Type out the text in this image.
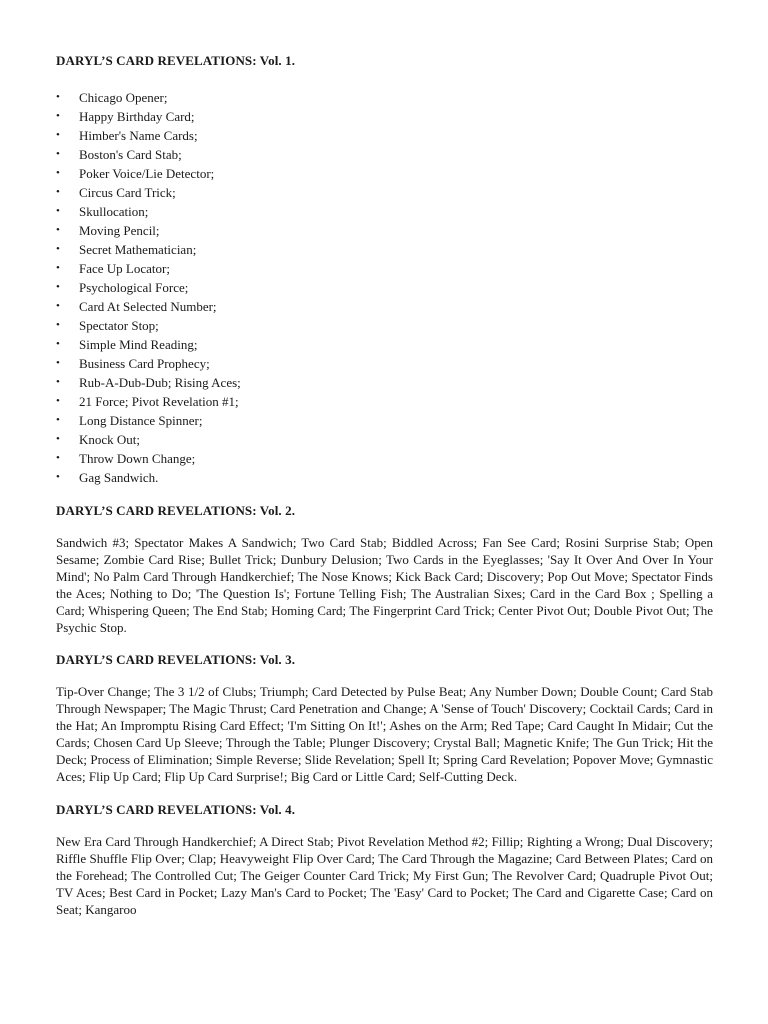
DARYL’S CARD REVELATIONS: Vol. 1.
• Chicago Opener;
• Happy Birthday Card;
• Himber's Name Cards;
• Boston's Card Stab;
• Poker Voice/Lie Detector;
• Circus Card Trick;
• Skullocation;
• Moving Pencil;
• Secret Mathematician;
• Face Up Locator;
• Psychological Force;
• Card At Selected Number;
• Spectator Stop;
• Simple Mind Reading;
• Business Card Prophecy;
• Rub-A-Dub-Dub; Rising Aces;
• 21 Force; Pivot Revelation #1;
• Long Distance Spinner;
• Knock Out;
• Throw Down Change;
• Gag Sandwich.
DARYL’S CARD REVELATIONS: Vol. 2.

Sandwich #3; Spectator Makes A Sandwich; Two Card Stab; Biddled Across; Fan See Card; Rosini Surprise Stab; Open Sesame; Zombie Card Rise; Bullet Trick; Dunbury Delusion; Two Cards in the Eyeglasses; 'Say It Over And Over In Your Mind'; No Palm Card Through Handkerchief; The Nose Knows; Kick Back Card; Discovery; Pop Out Move; Spectator Finds the Aces; Nothing to Do; 'The Question Is'; Fortune Telling Fish; The Australian Sixes; Card in the Card Box ; Spelling a Card; Whispering Queen; The End Stab; Homing Card; The Fingerprint Card Trick; Center Pivot Out; Double Pivot Out; The Psychic Stop.

DARYL’S CARD REVELATIONS: Vol. 3.

Tip-Over Change; The 3 1/2 of Clubs; Triumph; Card Detected by Pulse Beat; Any Number Down; Double Count; Card Stab Through Newspaper; The Magic Thrust; Card Penetration and Change; A 'Sense of Touch' Discovery; Cocktail Cards; Card in the Hat; An Impromptu Rising Card Effect; 'I'm Sitting On It!'; Ashes on the Arm; Red Tape; Card Caught In Midair; Cut the Cards; Chosen Card Up Sleeve; Through the Table; Plunger Discovery; Crystal Ball; Magnetic Knife; The Gun Trick; Hit the Deck; Process of Elimination; Simple Reverse; Slide Revelation; Spell It; Spring Card Revelation; Popover Move; Gymnastic Aces; Flip Up Card; Flip Up Card Surprise!; Big Card or Little Card; Self-Cutting Deck.

DARYL’S CARD REVELATIONS: Vol. 4.

New Era Card Through Handkerchief; A Direct Stab; Pivot Revelation Method #2; Fillip; Righting a Wrong; Dual Discovery; Riffle Shuffle Flip Over; Clap; Heavyweight Flip Over Card; The Card Through the Magazine; Card Between Plates; Card on the Forehead; The Controlled Cut; The Geiger Counter Card Trick; My First Gun; The Revolver Card; Quadruple Pivot Out; TV Aces; Best Card in Pocket; Lazy Man's Card to Pocket; The 'Easy' Card to Pocket; The Card and Cigarette Case; Card on Seat; Kangaroo
